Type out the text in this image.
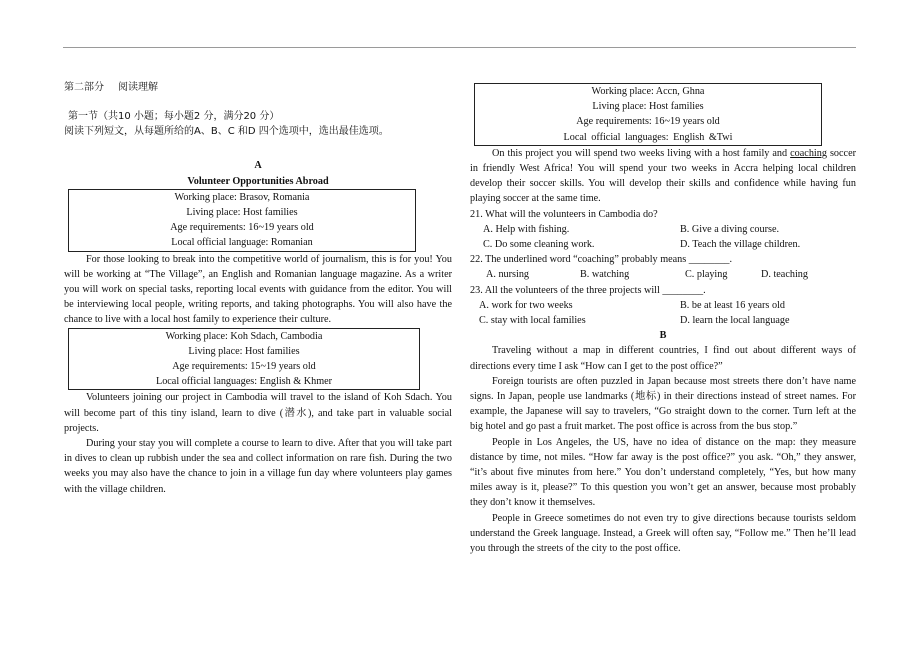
第二部分 阅读理解
第一节（共10 小题；每小题2 分，满分20 分）
阅读下列短文，从每题所给的A、B、C 和D 四个选项中，选出最佳选项。
A
Volunteer Opportunities Abroad
Working place: Brasov, Romania
Living place: Host families
Age requirements: 16~19 years old
Local official language: Romanian

For those looking to break into the competitive world of journalism, this is for you! You will be working at “The Village”, an English and Romanian language magazine. As a writer you will work on special tasks, reporting local events with guidance from the editor. You will be interviewing local people, writing reports, and taking photographs. You will also have the chance to live with a local host family to experience their culture.

Working place: Koh Sdach, Cambodia
Living place: Host families
Age requirements: 15~19 years old
Local official languages: English & Khmer

Volunteers joining our project in Cambodia will travel to the island of Koh Sdach. You will become part of this tiny island, learn to dive (潜水), and take part in valuable social projects.

During your stay you will complete a course to learn to dive. After that you will take part in dives to clean up rubbish under the sea and collect information on rare fish. During the two weeks you may also have the chance to join in a village fun day where volunteers play games with the village children.

Working place: Accn, Ghna
Living place: Host families
Age requirements: 16~19 years old
Local official languages: English &Twi

On this project you will spend two weeks living with a host family and coaching soccer in friendly West Africa! You will spend your two weeks in Accra helping local children develop their soccer skills. You will develop their skills and confidence while having fun playing soccer at the same time.

21. What will the volunteers in Cambodia do?
A. Help with fishing.	B. Give a diving course.
C. Do some cleaning work.	D. Teach the village children.
22. The underlined word “coaching” probably means ________.
A. nursing	B. watching	C. playing	D. teaching
23. All the volunteers of the three projects will ________.
A. work for two weeks	B. be at least 16 years old
C. stay with local families	D. learn the local language
B

Traveling without a map in different countries, I find out about different ways of directions every time I ask “How can I get to the post office?”

Foreign tourists are often puzzled in Japan because most streets there don’t have name signs. In Japan, people use landmarks (地标) in their directions instead of street names. For example, the Japanese will say to travelers, “Go straight down to the corner. Turn left at the big hotel and go past a fruit market. The post office is across from the bus stop.”

People in Los Angeles, the US, have no idea of distance on the map: they measure distance by time, not miles. “How far away is the post office?” you ask. “Oh,” they answer, “it’s about five minutes from here.” You don’t understand completely, “Yes, but how many miles away is it, please?” To this question you won’t get an answer, because most probably they don’t know it themselves.

People in Greece sometimes do not even try to give directions because tourists seldom understand the Greek language. Instead, a Greek will often say, “Follow me.” Then he’ll lead you through the streets of the city to the post office.
